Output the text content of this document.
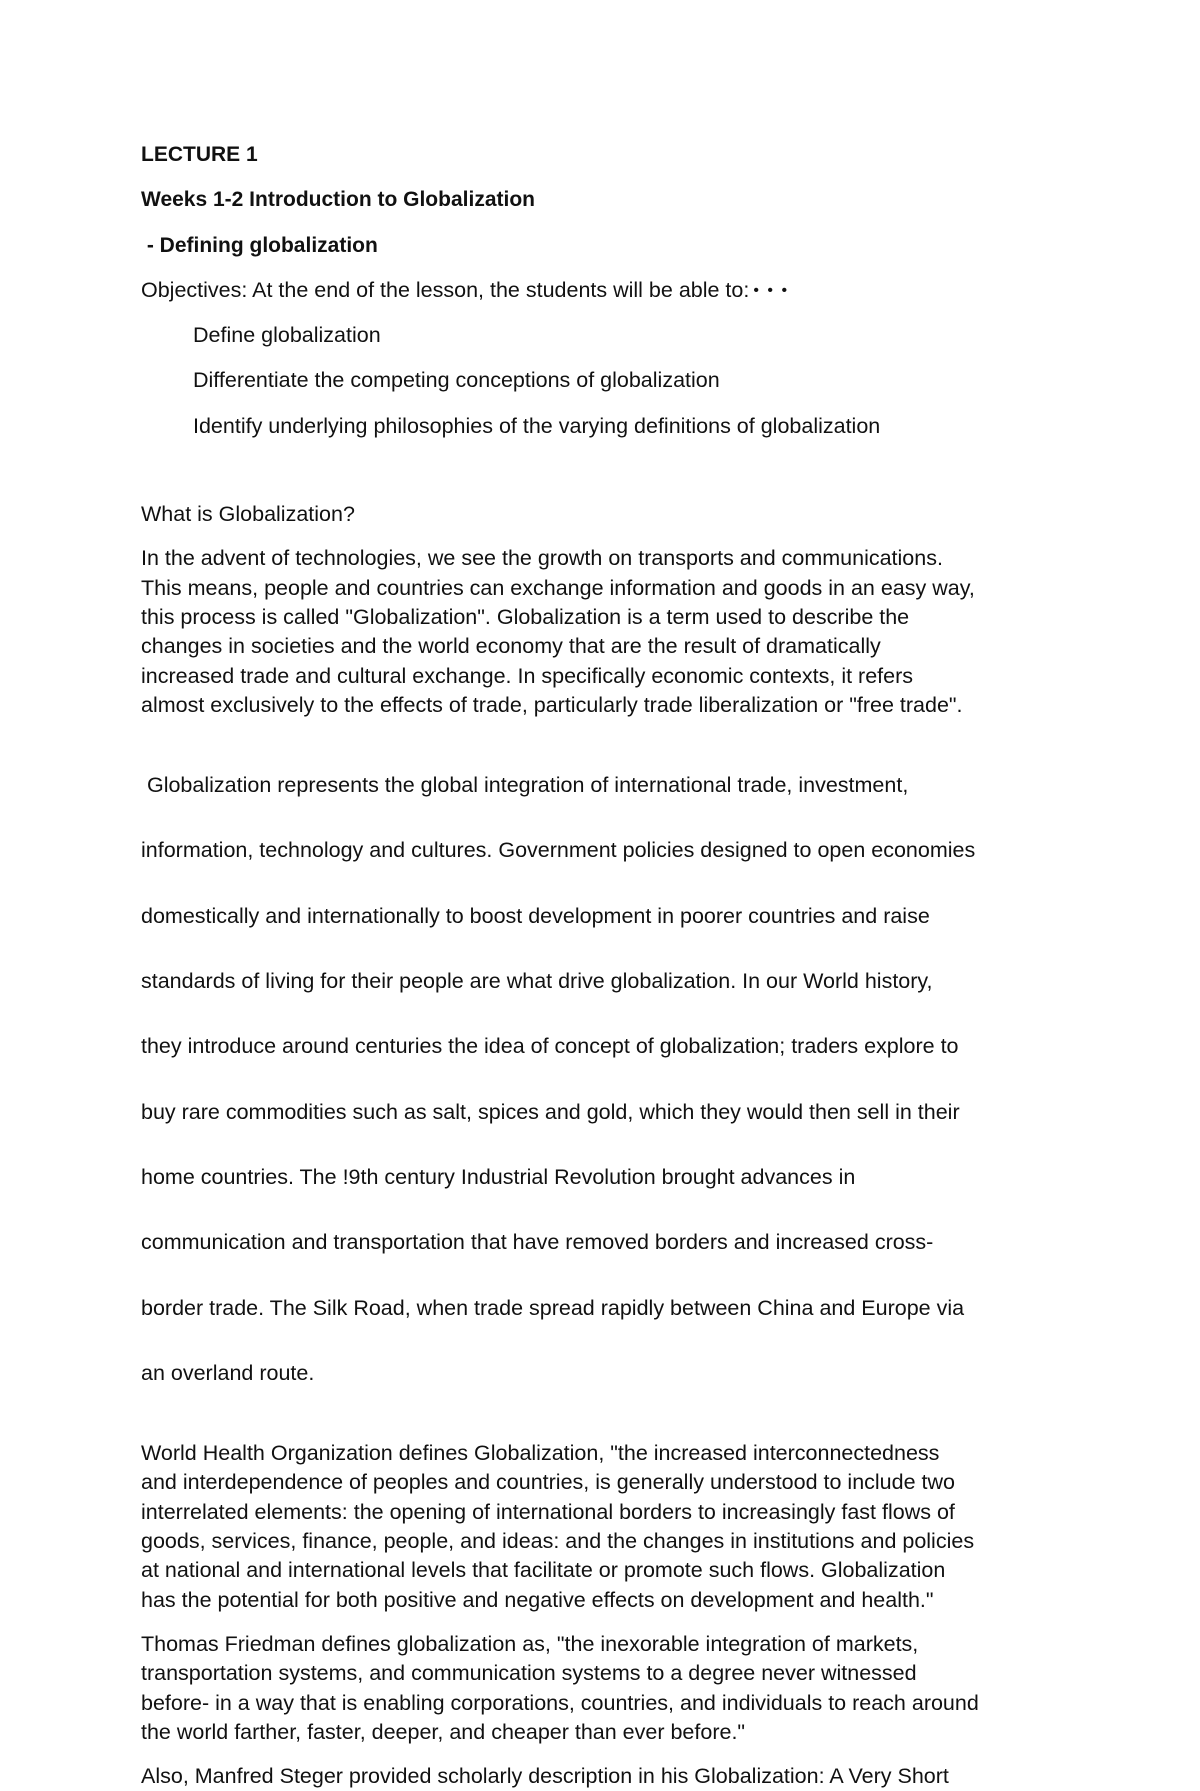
LECTURE 1
Weeks 1-2 Introduction to Globalization
- Defining globalization
Objectives: At the end of the lesson, the students will be able to: • • •
Define globalization
Differentiate the competing conceptions of globalization
Identify underlying philosophies of the varying definitions of globalization
What is Globalization?
In the advent of technologies, we see the growth on transports and communications.
This means, people and countries can exchange information and goods in an easy way,
this process is called "Globalization". Globalization is a term used to describe the
changes in societies and the world economy that are the result of dramatically
increased trade and cultural exchange. In specifically economic contexts, it refers
almost exclusively to the effects of trade, particularly trade liberalization or "free trade".

Globalization represents the global integration of international trade, investment,

information, technology and cultures. Government policies designed to open economies

domestically and internationally to boost development in poorer countries and raise

standards of living for their people are what drive globalization. In our World history,

they introduce around centuries the idea of concept of globalization; traders explore to

buy rare commodities such as salt, spices and gold, which they would then sell in their

home countries. The !9th century Industrial Revolution brought advances in

communication and transportation that have removed borders and increased cross-

border trade. The Silk Road, when trade spread rapidly between China and Europe via

an overland route.

World Health Organization defines Globalization, "the increased interconnectedness
and interdependence of peoples and countries, is generally understood to include two
interrelated elements: the opening of international borders to increasingly fast flows of
goods, services, finance, people, and ideas: and the changes in institutions and policies
at national and international levels that facilitate or promote such flows. Globalization
has the potential for both positive and negative effects on development and health."
Thomas Friedman defines globalization as, "the inexorable integration of markets,
transportation systems, and communication systems to a degree never witnessed
before- in a way that is enabling corporations, countries, and individuals to reach around
the world farther, faster, deeper, and cheaper than ever before."
Also, Manfred Steger provided scholarly description in his Globalization: A Very Short
